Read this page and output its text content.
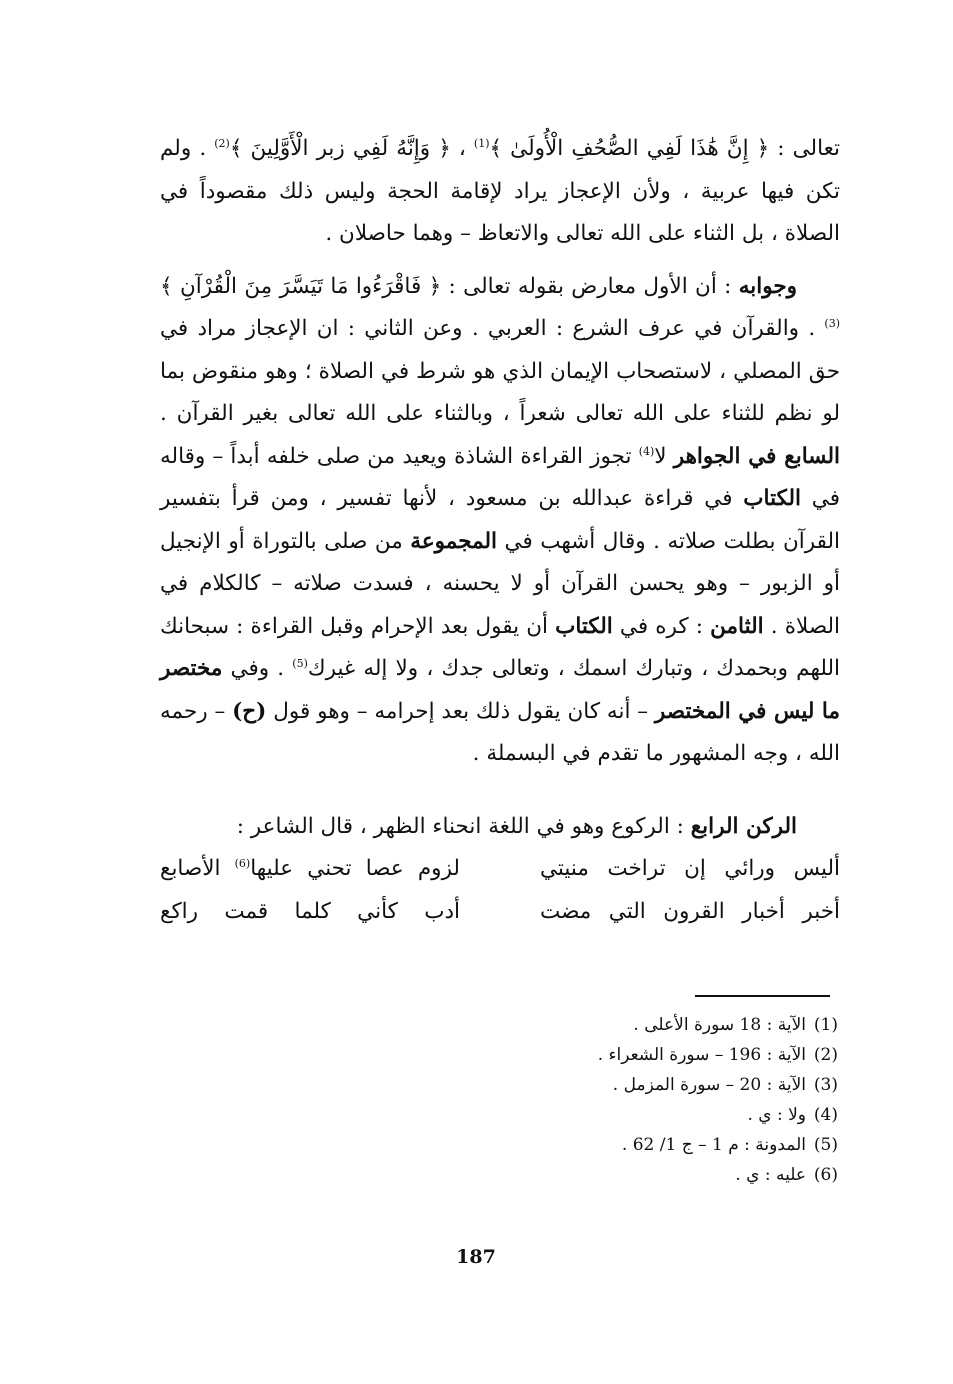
تعالى : ﴿ إِنَّ هَٰذَا لَفِي الصُّحُفِ الْأُولَىٰ ﴾$^{(1)}$ ، ﴿ وَإِنَّهُ لَفِي زبر الْأَوَّلِينَ ﴾$^{(2)}$ . ولم تكن فيها عربية ، ولأن الإعجاز يراد لإقامة الحجة وليس ذلك مقصوداً في الصلاة ، بل الثناء على الله تعالى والاتعاظ – وهما حاصلان .

  وجوابه : أن الأول معارض بقوله تعالى : ﴿ فَاقْرَءُوا مَا تَيَسَّرَ مِنَ الْقُرْآنِ ﴾$^{(3)}$ . والقرآن في عرف الشرع : العربي . وعن الثاني : ان الإعجاز مراد في حق المصلي ، لاستصحاب الإيمان الذي هو شرط في الصلاة ؛ وهو منقوض بما لو نظم للثناء على الله تعالى شعراً ، وبالثناء على الله تعالى بغير القرآن . السابع في الجواهر لا$^{(4)}$ تجوز القراءة الشاذة ويعيد من صلى خلفه أبداً – وقاله في الكتاب في قراءة عبدالله بن مسعود ، لأنها تفسير ، ومن قرأ بتفسير القرآن بطلت صلاته . وقال أشهب في المجموعة من صلى بالتوراة أو الإنجيل أو الزبور – وهو يحسن القرآن أو لا يحسنه ، فسدت صلاته – كالكلام في الصلاة . الثامن : كره في الكتاب أن يقول بعد الإحرام وقبل القراءة : سبحانك اللهم وبحمدك ، وتبارك اسمك ، وتعالى جدك ، ولا إله غيرك$^{(5)}$ . وفي مختصر ما ليس في المختصر – أنه كان يقول ذلك بعد إحرامه – وهو قول (ح) – رحمه الله ، وجه المشهور ما تقدم في البسملة .

  الركن الرابع : الركوع وهو في اللغة انحناء الظهر ، قال الشاعر :

أليس ورائي إن تراخت منيتي
لزوم عصا تحني عليها$^{(6)}$ الأصابع
أخبر أخبار القرون التي مضت
أدب كأني كلما قمت راكع
(1)الآية : 18 سورة الأعلى .
(2)الآية : 196 – سورة الشعراء .
(3)الآية : 20 – سورة المزمل .
(4)ولا : ي .
(5)المدونة : م 1 – ج 1/ 62 .
(6)عليه : ي .
187
